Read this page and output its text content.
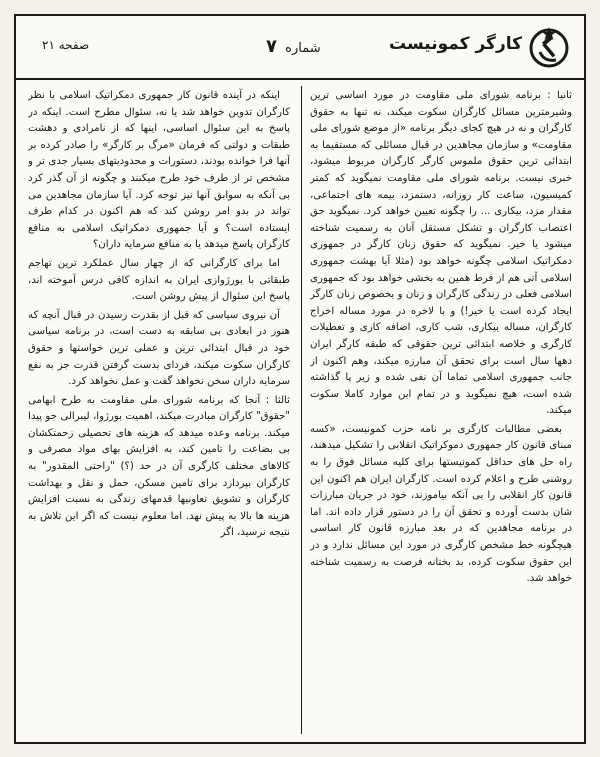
کارگر کمونیست
شماره ۷
صفحه ۲۱

ثانیا : برنامه شورای ملی مقاومت در مورد اساسی ترین وشیرمترین مسائل کارگران سکوت میکند، نه تنها به حقوق کارگران و نه در هیچ کجای دیگر برنامه «از موضع شورای ملی مقاومت» و سازمان مجاهدین در قبال مسائلی که مستقیما به ابتدائی ترین حقوق ملموس کارگر کارگران مربوط میشود، خبری نیست. برنامه شورای ملی مقاومت نمیگوید که کمتر کمیسیون، ساعت کار روزانه، دستمزد، بیمه های اجتماعی، مقدار مزد، بیکاری ... را چگونه تعیین خواهد کرد. نمیگوید حق اعتصاب کارگران و تشکل مستقل آنان به رسمیت شناخته میشود یا خیر. نمیگوید که حقوق زنان کارگر در جمهوری دمکراتیک اسلامی چگونه خواهد بود (مثلا آیا بهشت جمهوری اسلامی آتی هم از فرط همین به بخشی خواهد بود که جمهوری اسلامی فعلی در زندگی کارگران و زنان و بخصوص زنان کارگر ایجاد کرده است یا خیر!) و با لاخره در مورد مساله اخراج کارگران، مساله بیکاری، شب کاری، اضافه کاری و تعطیلات کارگری و خلاصه ابتدائی ترین حقوقی که طبقه کارگر ایران دهها سال است برای تحقق آن مبارزه میکند، وهم اکنون از جانب جمهوری اسلامی تماما آن نفی شده و زیر پا گذاشته شده است، هیچ نمیگوید و در تمام این موارد کاملا سکوت میکند.

بعضی مطالبات کارگری بر نامه حزب کمونیست، «کسه مبنای قانون کار جمهوری دموکراتیک انقلابی را تشکیل میدهند، راه حل های حداقل کمونیستها برای کلیه مسائل فوق را به روشنی طرح و اعلام کرده است. کارگران ایران هم اکنون این قانون کار انقلابی را بی آنکه بیاموزند، خود در جریان مبارزات شان بدست آورده و تحقق آن را در دستور قرار داده اند. اما در برنامه مجاهدین که در بعد مبارزه قانون کار اساسی هیچگونه خط مشخص کارگری در مورد این مسائل ندارد و در این حقوق سکوت کرده، بد بختانه فرصت به رسمیت شناخته خواهد شد.

اینکه در آینده قانون کار جمهوری دمکراتیک اسلامی با نظر کارگران تدوین خواهد شد یا نه، سئوال مطرح است. اینکه در پاسخ به این سئوال اساسی، اینها که از نامرادی و دهشت طبقات و دولتی که فرمان «مرگ بر کارگر» را صادر کرده بر آنها فرا خوانده بودند، دستورات و محدودیتهای بسیار جدی تر و مشخص تر از طرف خود طرح میکنند و چگونه از آن گذر کرد بی آنکه به سوابق آنها نیز توجه کرد. آیا سازمان مجاهدین می تواند در بدو امر روشن کند که هم اکنون در کدام طرف ایستاده است؟ و آیا جمهوری دمکراتیک اسلامی به منافع کارگران پاسخ میدهد یا به منافع سرمایه داران؟

اما برای کارگرانی که از چهار سال عملکرد ترین تهاجم طبقاتی با بورژوازی ایران به اندازه کافی درس آموخته اند، پاسخ این سئوال از پیش روشن است.

آن نیروی سیاسی که قبل از بقدرت رسیدن در قبال آنچه که هنوز در ابعادی بی سابقه به دست است، در برنامه سیاسی خود در قبال ابتدائی ترین و عملی ترین خواستها و حقوق کارگران سکوت میکند، فردای بدست گرفتن قدرت جز به نفع سرمایه داران سخن نخواهد گفت و عمل نخواهد کرد.

ثالثا : آنجا که برنامه شورای ملی مقاومت به طرح ابهامی "حقوق" کارگران مبادرت میکند، اهمیت بورژوا، لیبرالی جو پیدا میکند. برنامه وعده میدهد که هزینه های تحصیلی زحمتکشان بی بضاعت را تامین کند، به افزایش بهای مواد مصرفی و کالاهای مختلف کارگری آن در حد (؟) "راحتی المقدور" به کارگران بپردازد برای تامین مسکن، حمل و نقل و بهداشت کارگران و تشویق تعاونیها قدمهای زندگی به نسبت افزایش هزینه ها بالا به پیش نهد. اما معلوم نیست که اگر این تلاش به نتیجه نرسید، اگر
